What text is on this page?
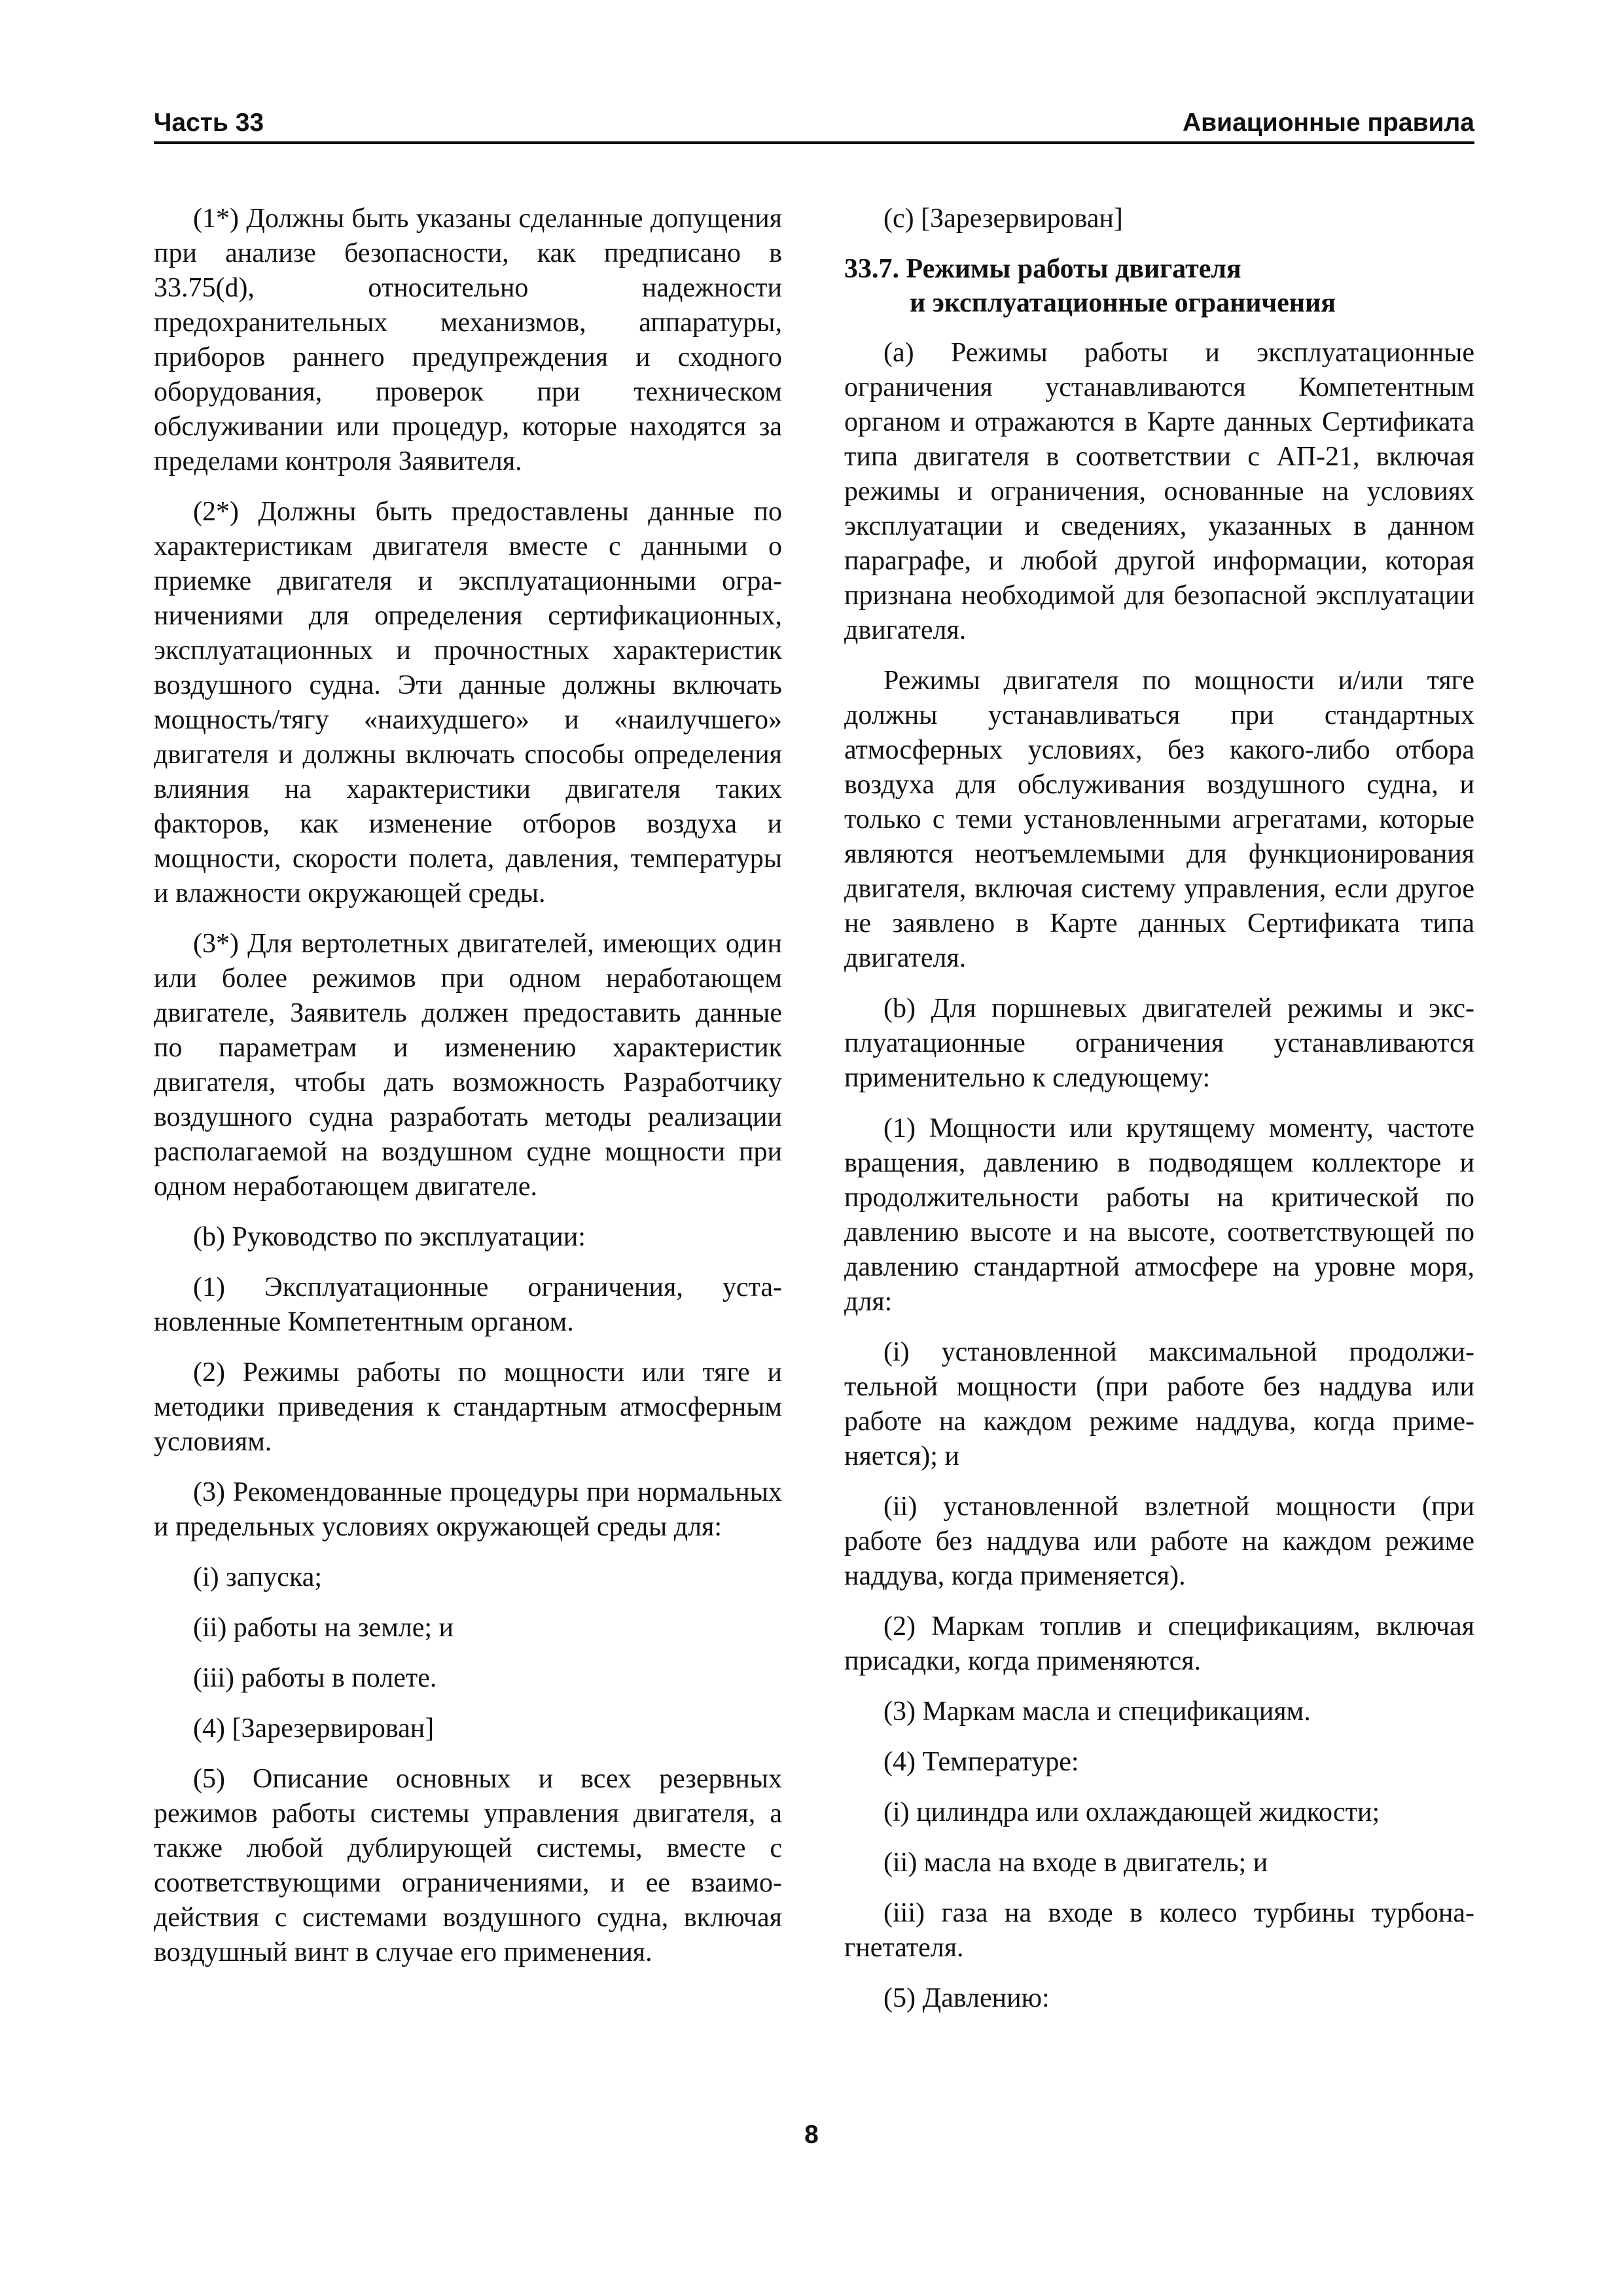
Часть 33	Авиационные правила

(1*) Должны быть указаны сделанные допущения при анализе безопасности, как предписано в 33.75(d), относительно надежности предохранительных механизмов, аппаратуры, приборов раннего предупреждения и сходного оборудования, проверок при техническом обслуживании или процедур, которые находятся за пределами контроля Заявителя.

(2*) Должны быть предоставлены данные по характеристикам двигателя вместе с данными о приемке двигателя и эксплуатационными ограничениями для определения сертификационных, эксплуатационных и прочностных характеристик воздушного судна. Эти данные должны включать мощность/тягу «наихудшего» и «наилучшего» двигателя и должны включать способы определения влияния на характеристики двигателя таких факторов, как изменение отборов воздуха и мощности, скорости полета, давления, температуры и влажности окружающей среды.

(3*) Для вертолетных двигателей, имеющих один или более режимов при одном неработающем двигателе, Заявитель должен предоставить данные по параметрам и изменению характеристик двигателя, чтобы дать возможность Разработчику воздушного судна разработать методы реализации располагаемой на воздушном судне мощности при одном неработающем двигателе.

(b) Руководство по эксплуатации:

(1) Эксплуатационные ограничения, установленные Компетентным органом.

(2) Режимы работы по мощности или тяге и методики приведения к стандартным атмосферным условиям.

(3) Рекомендованные процедуры при нормальных и предельных условиях окружающей среды для:

(i) запуска;

(ii) работы на земле; и

(iii) работы в полете.

(4) [Зарезервирован]

(5) Описание основных и всех резервных режимов работы системы управления двигателя, а также любой дублирующей системы, вместе с соответствующими ограничениями, и ее взаимодействия с системами воздушного судна, включая воздушный винт в случае его применения.

(c) [Зарезервирован]

33.7. Режимы работы двигателя
и эксплуатационные ограничения

(a) Режимы работы и эксплуатационные ограничения устанавливаются Компетентным органом и отражаются в Карте данных Сертификата типа двигателя в соответствии с АП-21, включая режимы и ограничения, основанные на условиях эксплуатации и сведениях, указанных в данном параграфе, и любой другой информации, которая признана необходимой для безопасной эксплуатации двигателя.

Режимы двигателя по мощности и/или тяге должны устанавливаться при стандартных атмосферных условиях, без какого-либо отбора воздуха для обслуживания воздушного судна, и только с теми установленными агрегатами, которые являются неотъемлемыми для функционирования двигателя, включая систему управления, если другое не заявлено в Карте данных Сертификата типа двигателя.

(b) Для поршневых двигателей режимы и эксплуатационные ограничения устанавливаются применительно к следующему:

(1) Мощности или крутящему моменту, частоте вращения, давлению в подводящем коллекторе и продолжительности работы на критической по давлению высоте и на высоте, соответствующей по давлению стандартной атмосфере на уровне моря, для:

(i) установленной максимальной продолжительной мощности (при работе без наддува или работе на каждом режиме наддува, когда применяется); и

(ii) установленной взлетной мощности (при работе без наддува или работе на каждом режиме наддува, когда применяется).

(2) Маркам топлив и спецификациям, включая присадки, когда применяются.

(3) Маркам масла и спецификациям.

(4) Температуре:

(i) цилиндра или охлаждающей жидкости;

(ii) масла на входе в двигатель; и

(iii) газа на входе в колесо турбины турбонагнетателя.

(5) Давлению:

8
